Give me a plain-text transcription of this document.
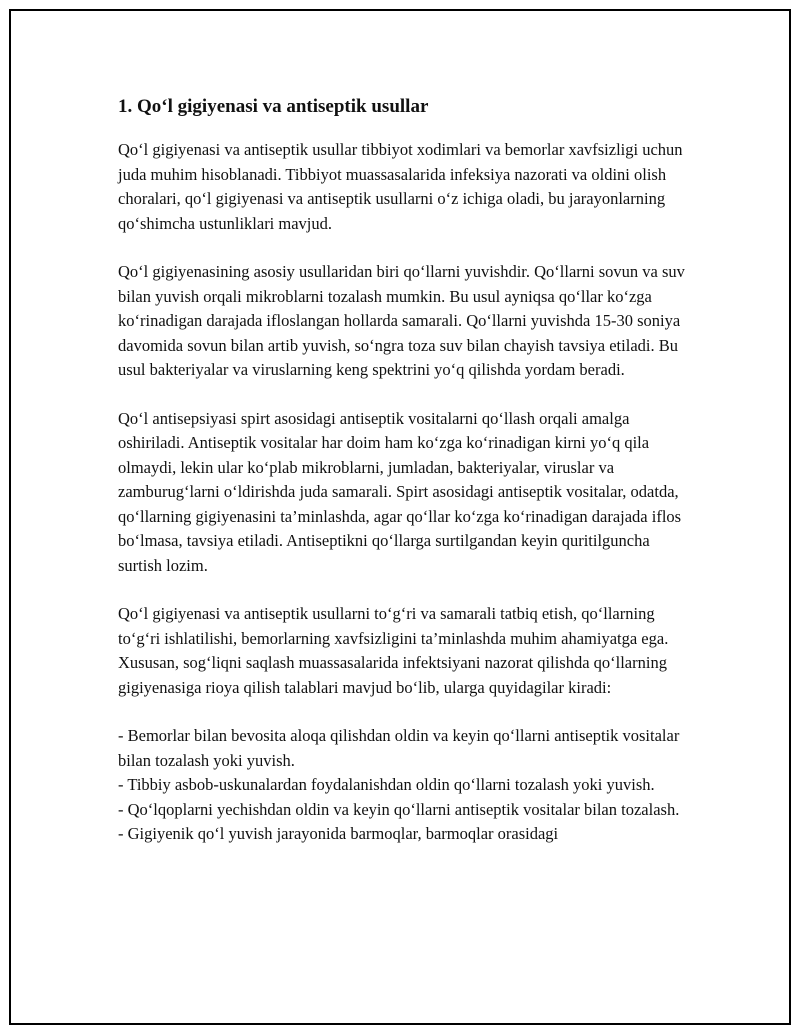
1. Qo‘l gigiyenasi va antiseptik usullar

Qo‘l gigiyenasi va antiseptik usullar tibbiyot xodimlari va bemorlar xavfsizligi uchun juda muhim hisoblanadi. Tibbiyot muassasalarida infeksiya nazorati va oldini olish choralari, qo‘l gigiyenasi va antiseptik usullarni o‘z ichiga oladi, bu jarayonlarning qo‘shimcha ustunliklari mavjud.

Qo‘l gigiyenasining asosiy usullaridan biri qo‘llarni yuvishdir. Qo‘llarni sovun va suv bilan yuvish orqali mikroblarni tozalash mumkin. Bu usul ayniqsa qo‘llar ko‘zga ko‘rinadigan darajada ifloslangan hollarda samarali. Qo‘llarni yuvishda 15-30 soniya davomida sovun bilan artib yuvish, so‘ngra toza suv bilan chayish tavsiya etiladi. Bu usul bakteriyalar va viruslarning keng spektrini yo‘q qilishda yordam beradi.

Qo‘l antisepsiyasi spirt asosidagi antiseptik vositalarni qo‘llash orqali amalga oshiriladi. Antiseptik vositalar har doim ham ko‘zga ko‘rinadigan kirni yo‘q qila olmaydi, lekin ular ko‘plab mikroblarni, jumladan, bakteriyalar, viruslar va zamburug‘larni o‘ldirishda juda samarali. Spirt asosidagi antiseptik vositalar, odatda, qo‘llarning gigiyenasini ta’minlashda, agar qo‘llar ko‘zga ko‘rinadigan darajada iflos bo‘lmasa, tavsiya etiladi. Antiseptikni qo‘llarga surtilgandan keyin quritilguncha surtish lozim.

Qo‘l gigiyenasi va antiseptik usullarni to‘g‘ri va samarali tatbiq etish, qo‘llarning to‘g‘ri ishlatilishi, bemorlarning xavfsizligini ta’minlashda muhim ahamiyatga ega. Xususan, sog‘liqni saqlash muassasalarida infektsiyani nazorat qilishda qo‘llarning gigiyenasiga rioya qilish talablari mavjud bo‘lib, ularga quyidagilar kiradi:

- Bemorlar bilan bevosita aloqa qilishdan oldin va keyin qo‘llarni antiseptik vositalar bilan tozalash yoki yuvish.
- Tibbiy asbob-uskunalardan foydalanishdan oldin qo‘llarni tozalash yoki yuvish.
- Qo‘lqoplarni yechishdan oldin va keyin qo‘llarni antiseptik vositalar bilan tozalash.
- Gigiyenik qo‘l yuvish jarayonida barmoqlar, barmoqlar orasidagi
